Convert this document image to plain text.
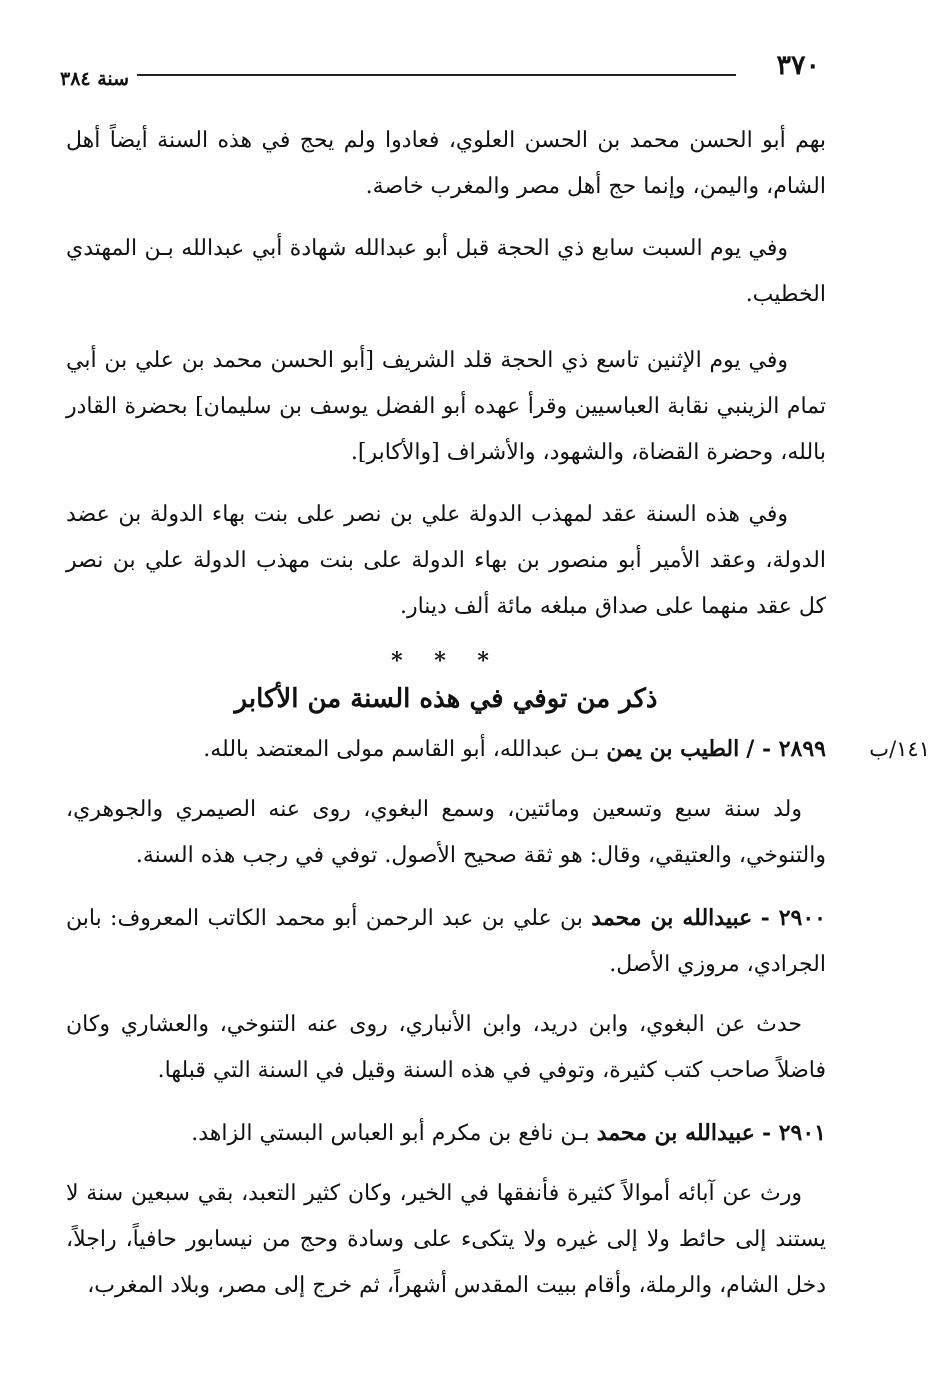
٣٧٠
سنة ٣٨٤

بهم أبو الحسن محمد بن الحسن العلوي، فعادوا ولم يحج في هذه السنة أيضاً أهل الشام، واليمن، وإنما حج أهل مصر والمغرب خاصة.

وفي يوم السبت سابع ذي الحجة قبل أبو عبدالله شهادة أبي عبدالله بـن المهتدي الخطيب.

وفي يوم الإثنين تاسع ذي الحجة قلد الشريف [أبو الحسن محمد بن علي بن أبي تمام الزينبي نقابة العباسيين وقرأ عهده أبو الفضل يوسف بن سليمان] بحضرة القادر بالله، وحضرة القضاة، والشهود، والأشراف [والأكابر].

وفي هذه السنة عقد لمهذب الدولة علي بن نصر على بنت بهاء الدولة بن عضد الدولة، وعقد الأمير أبو منصور بن بهاء الدولة على بنت مهذب الدولة علي بن نصر كل عقد منهما على صداق مبلغه مائة ألف دينار.

* * *
ذكر من توفي في هذه السنة من الأكابر

٢٨٩٩ - / الطيب بن يمن بـن عبدالله، أبو القاسم مولى المعتضد بالله.	١٤١/ب

ولد سنة سبع وتسعين ومائتين، وسمع البغوي، روى عنه الصيمري والجوهري، والتنوخي، والعتيقي، وقال: هو ثقة صحيح الأصول. توفي في رجب هذه السنة.

٢٩٠٠ - عبيدالله بن محمد بن علي بن عبد الرحمن أبو محمد الكاتب المعروف: بابن الجرادي، مروزي الأصل.

حدث عن البغوي، وابن دريد، وابن الأنباري، روى عنه التنوخي، والعشاري وكان فاضلاً صاحب كتب كثيرة، وتوفي في هذه السنة وقيل في السنة التي قبلها.

٢٩٠١ - عبيدالله بن محمد بـن نافع بن مكرم أبو العباس البستي الزاهد.

ورث عن آبائه أموالاً كثيرة فأنفقها في الخير، وكان كثير التعبد، بقي سبعين سنة لا يستند إلى حائط ولا إلى غيره ولا يتكىء على وسادة وحج من نيسابور حافياً، راجلاً، دخل الشام، والرملة، وأقام ببيت المقدس أشهراً، ثم خرج إلى مصر، وبلاد المغرب،
